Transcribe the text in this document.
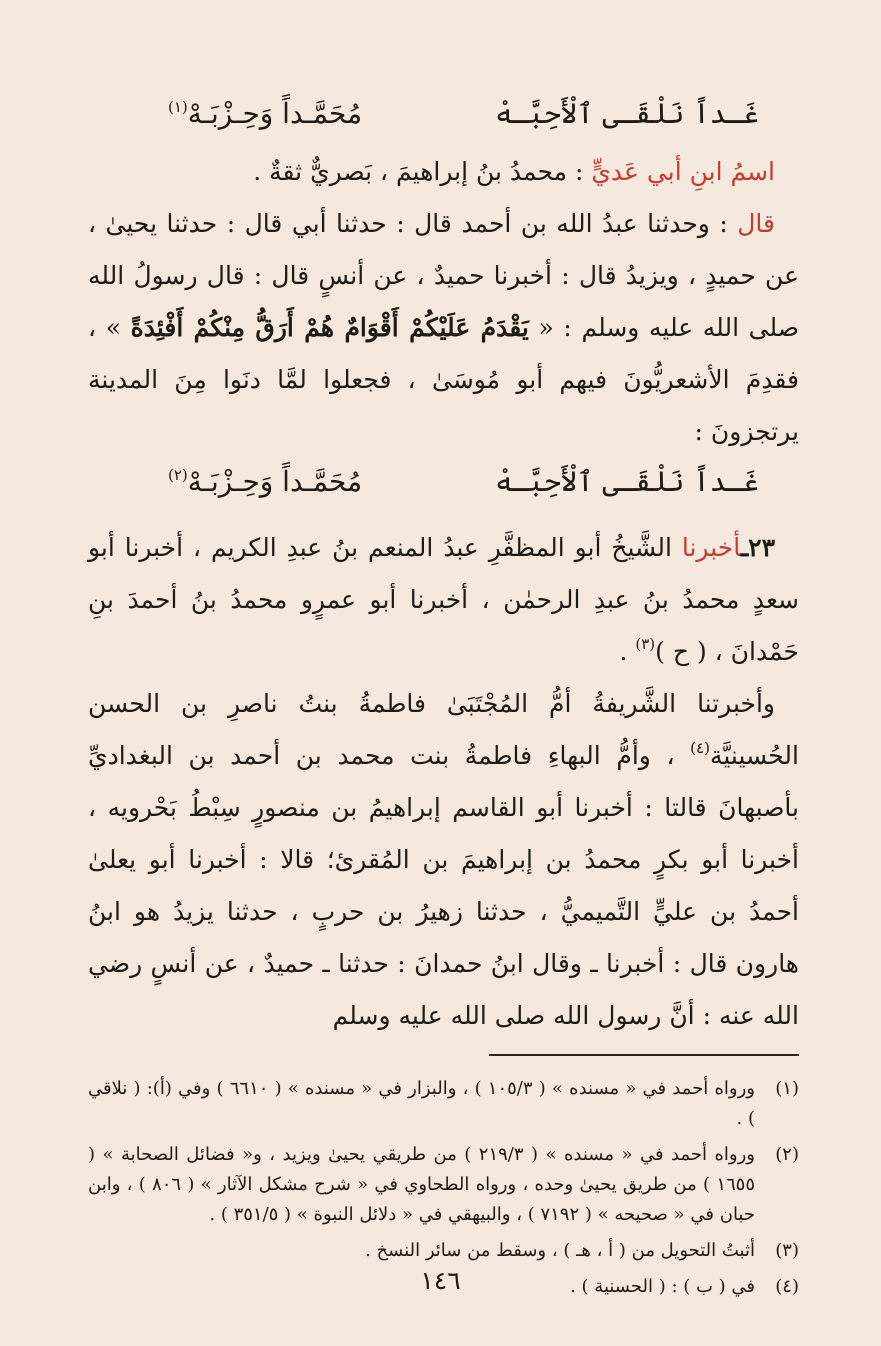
غَـداً نَلْقَـى ٱلْأَحِبَّـهْ
مُحَمَّـداً وَحِـزْبَـهْ$^{(١)}$

اسمُ ابنِ أبي عَديٍّ : محمدُ بنُ إبراهيمَ ، بَصريٌّ ثقةٌ .

قال : وحدثنا عبدُ الله بن أحمد قال : حدثنا أبي قال : حدثنا يحيىٰ ، عن حميدٍ ، ويزيدُ قال : أخبرنا حميدٌ ، عن أنسٍ قال : قال رسولُ الله صلى الله عليه وسلم : « يَقْدَمُ عَلَيْكُمْ أَقْوَامٌ هُمْ أَرَقُّ مِنْكُمْ أَفْئِدَةً » ، فقدِمَ الأشعريُّونَ فيهم أبو مُوسَىٰ ، فجعلوا لمَّا دنَوا مِنَ المدينة يرتجزونَ :

غَـداً نَلْقَـى ٱلْأَحِبَّـهْ
مُحَمَّـداً وَحِـزْبَـهْ$^{(٢)}$

٢٣ـأخبرنا الشَّيخُ أبو المظفَّرِ عبدُ المنعم بنُ عبدِ الكريم ، أخبرنا أبو سعدٍ محمدُ بنُ عبدِ الرحمٰن ، أخبرنا أبو عمرٍو محمدُ بنُ أحمدَ بنِ حَمْدانَ ، ( ح )$^{(٣)}$ .

وأخبرتنا الشَّريفةُ أمُّ المُجْتَبَىٰ فاطمةُ بنتُ ناصرِ بن الحسن الحُسينيَّة$^{(٤)}$ ، وأمُّ البهاءِ فاطمةُ بنت محمد بن أحمد بن البغداديِّ بأصبهانَ قالتا : أخبرنا أبو القاسم إبراهيمُ بن منصورٍ سِبْطُ بَحْرويه ، أخبرنا أبو بكرٍ محمدُ بن إبراهيمَ بن المُقرئ؛ قالا : أخبرنا أبو يعلىٰ أحمدُ بن عليٍّ التَّميميُّ ، حدثنا زهيرُ بن حربٍ ، حدثنا يزيدُ هو ابنُ هارون قال : أخبرنا ـ وقال ابنُ حمدانَ : حدثنا ـ حميدٌ ، عن أنسٍ رضي الله عنه : أنَّ رسول الله صلى الله عليه وسلم

(١)
ورواه أحمد في « مسنده » ( ١٠٥/٣ ) ، والبزار في « مسنده » ( ٦٦١٠ ) وفي (أ): ( نلاقي ) .
(٢)
ورواه أحمد في « مسنده » ( ٢١٩/٣ ) من طريقي يحيىٰ ويزيد ، و« فضائل الصحابة » ( ١٦٥٥ ) من طريق يحيىٰ وحده ، ورواه الطحاوي في « شرح مشكل الآثار » ( ٨٠٦ ) ، وابن حبان في « صحيحه » ( ٧١٩٢ ) ، والبيهقي في « دلائل النبوة » ( ٣٥١/٥ ) .
(٣)
أثبتُ التحويل من ( أ ، هـ ) ، وسقط من سائر النسخ .
(٤)
في ( ب ) : ( الحسنية ) .
١٤٦
